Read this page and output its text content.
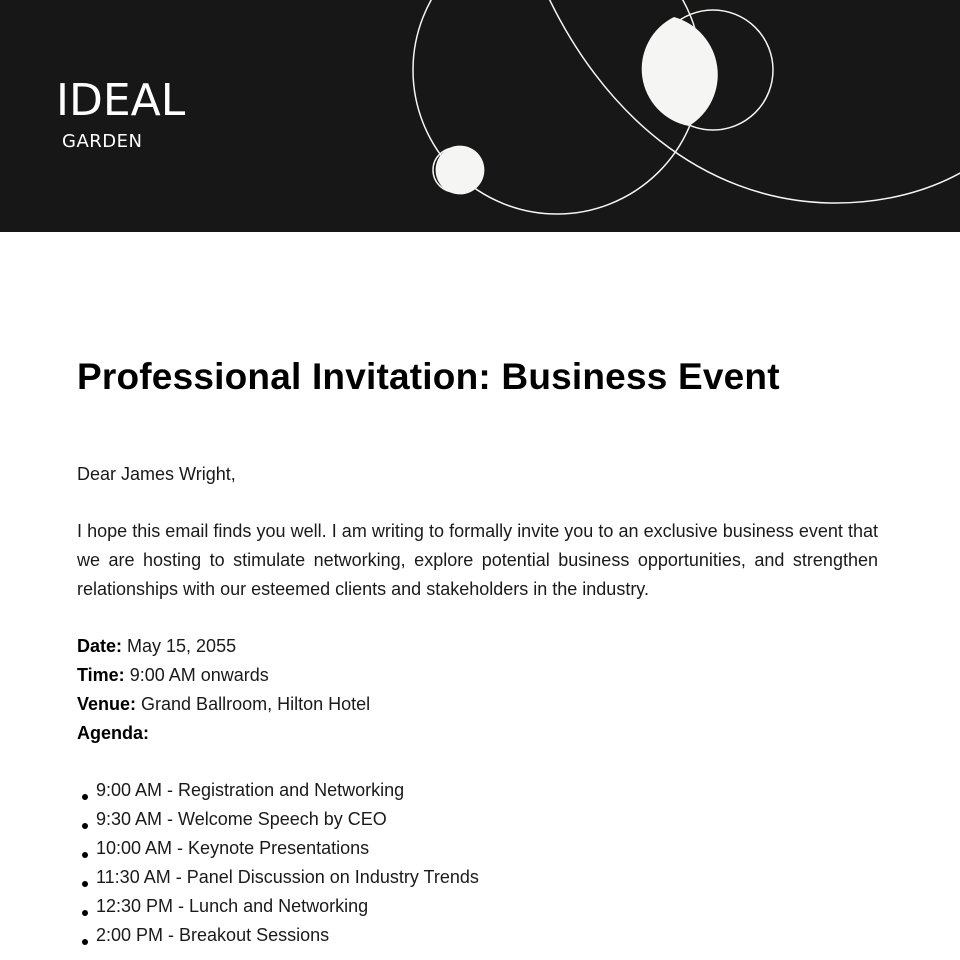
IDEAL
GARDEN
Professional Invitation: Business Event

Dear James Wright,

I hope this email finds you well. I am writing to formally invite you to an exclusive business event that we are hosting to stimulate networking, explore potential business opportunities, and strengthen relationships with our esteemed clients and stakeholders in the industry.

Date: May 15, 2055
Time: 9:00 AM onwards
Venue: Grand Ballroom, Hilton Hotel
Agenda:
9:00 AM - Registration and Networking
9:30 AM - Welcome Speech by CEO
10:00 AM - Keynote Presentations
11:30 AM - Panel Discussion on Industry Trends
12:30 PM - Lunch and Networking
2:00 PM - Breakout Sessions
